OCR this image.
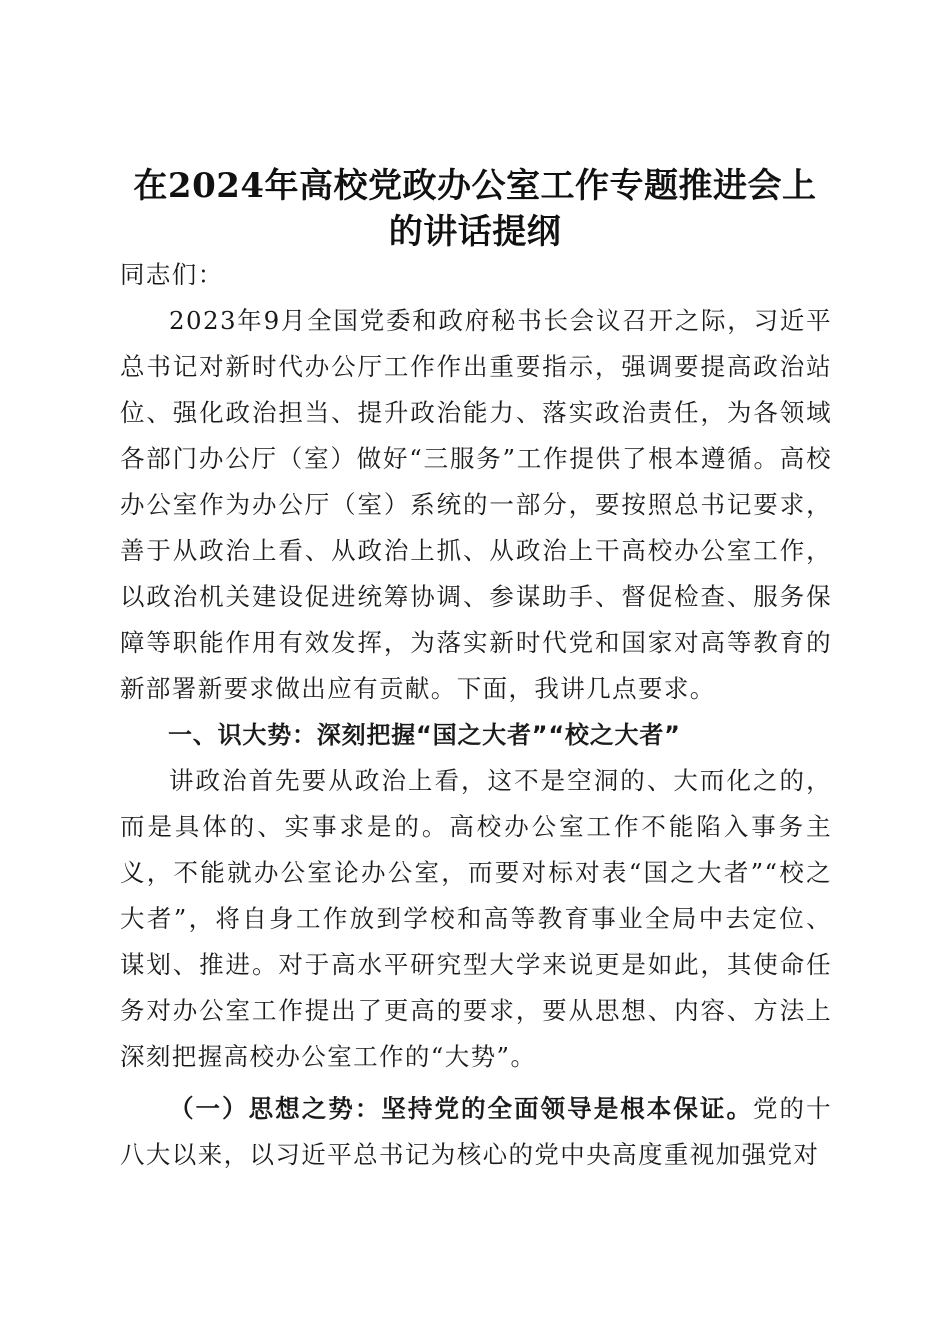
在2024年高校党政办公室工作专题推进会上
的讲话提纲

同志们：

2023年9月全国党委和政府秘书长会议召开之际，习近平总书记对新时代办公厅工作作出重要指示，强调要提高政治站位、强化政治担当、提升政治能力、落实政治责任，为各领域各部门办公厅（室）做好“三服务”工作提供了根本遵循。高校办公室作为办公厅（室）系统的一部分，要按照总书记要求，善于从政治上看、从政治上抓、从政治上干高校办公室工作，以政治机关建设促进统筹协调、参谋助手、督促检查、服务保障等职能作用有效发挥，为落实新时代党和国家对高等教育的新部署新要求做出应有贡献。下面，我讲几点要求。

一、识大势：深刻把握“国之大者”“校之大者”

讲政治首先要从政治上看，这不是空洞的、大而化之的，而是具体的、实事求是的。高校办公室工作不能陷入事务主义，不能就办公室论办公室，而要对标对表“国之大者”“校之大者”，将自身工作放到学校和高等教育事业全局中去定位、谋划、推进。对于高水平研究型大学来说更是如此，其使命任务对办公室工作提出了更高的要求，要从思想、内容、方法上深刻把握高校办公室工作的“大势”。

（一）思想之势：坚持党的全面领导是根本保证。党的十八大以来，以习近平总书记为核心的党中央高度重视加强党对
